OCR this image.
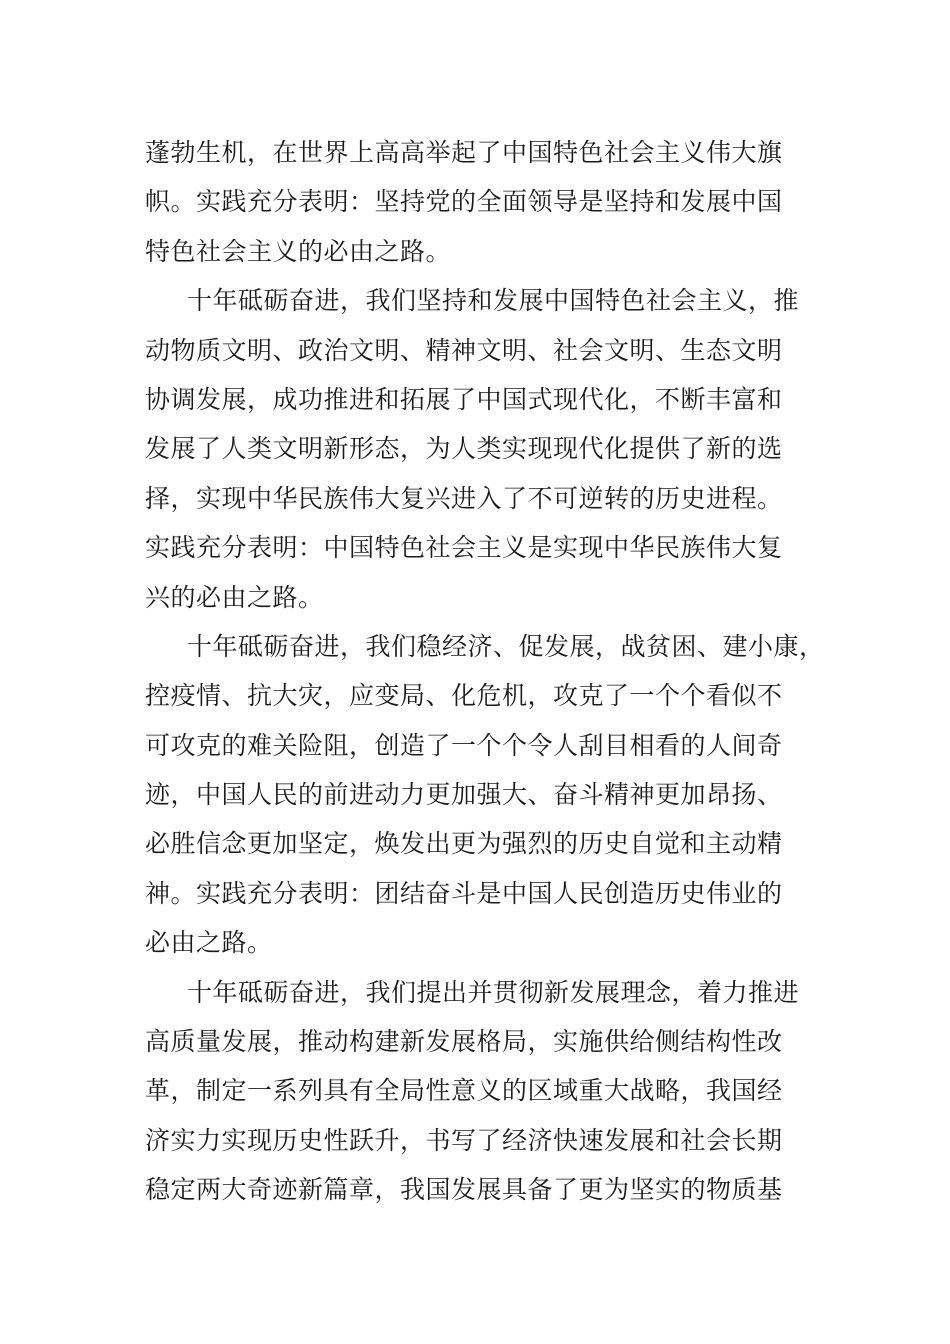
蓬勃生机，在世界上高高举起了中国特色社会主义伟大旗
帜。实践充分表明：坚持党的全面领导是坚持和发展中国
特色社会主义的必由之路。
十年砥砺奋进，我们坚持和发展中国特色社会主义，推
动物质文明、政治文明、精神文明、社会文明、生态文明
协调发展，成功推进和拓展了中国式现代化，不断丰富和
发展了人类文明新形态，为人类实现现代化提供了新的选
择，实现中华民族伟大复兴进入了不可逆转的历史进程。
实践充分表明：中国特色社会主义是实现中华民族伟大复
兴的必由之路。
十年砥砺奋进，我们稳经济、促发展，战贫困、建小康，
控疫情、抗大灾，应变局、化危机，攻克了一个个看似不
可攻克的难关险阻，创造了一个个令人刮目相看的人间奇
迹，中国人民的前进动力更加强大、奋斗精神更加昂扬、
必胜信念更加坚定，焕发出更为强烈的历史自觉和主动精
神。实践充分表明：团结奋斗是中国人民创造历史伟业的
必由之路。
十年砥砺奋进，我们提出并贯彻新发展理念，着力推进
高质量发展，推动构建新发展格局，实施供给侧结构性改
革，制定一系列具有全局性意义的区域重大战略，我国经
济实力实现历史性跃升，书写了经济快速发展和社会长期
稳定两大奇迹新篇章，我国发展具备了更为坚实的物质基
